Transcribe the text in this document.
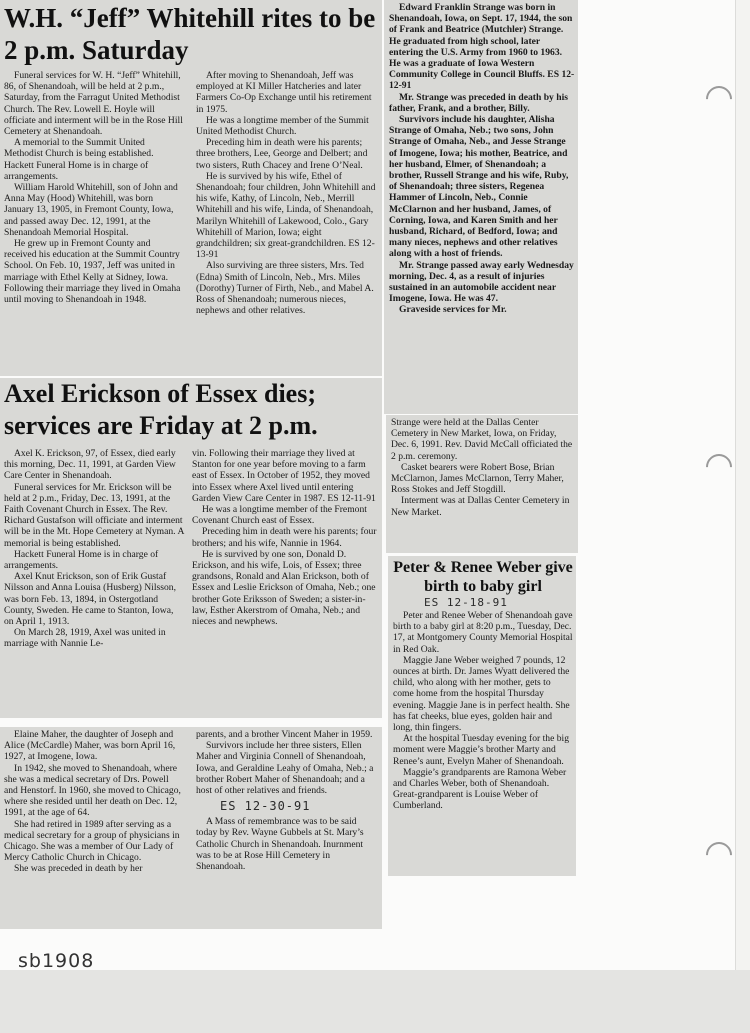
W.H. “Jeff” Whitehill rites to be 2 p.m. Saturday

Funeral services for W. H. “Jeff” Whitehill, 86, of Shenandoah, will be held at 2 p.m., Saturday, from the Farragut United Methodist Church. The Rev. Lowell E. Hoyle will officiate and interment will be in the Rose Hill Cemetery at Shenandoah.

A memorial to the Summit United Methodist Church is being established. Hackett Funeral Home is in charge of arrangements.

William Harold Whitehill, son of John and Anna May (Hood) Whitehill, was born January 13, 1905, in Fremont County, Iowa, and passed away Dec. 12, 1991, at the Shenandoah Memorial Hospital.

He grew up in Fremont County and received his education at the Summit Country School. On Feb. 10, 1937, Jeff was united in marriage with Ethel Kelly at Sidney, Iowa. Following their marriage they lived in Omaha until moving to Shenandoah in 1948.

After moving to Shenandoah, Jeff was employed at KI Miller Hatcheries and later Farmers Co-Op Exchange until his retirement in 1975.

He was a longtime member of the Summit United Methodist Church.

Preceding him in death were his parents; three brothers, Lee, George and Delbert; and two sisters, Ruth Chacey and Irene O’Neal.

He is survived by his wife, Ethel of Shenandoah; four children, John Whitehill and his wife, Kathy, of Lincoln, Neb., Merrill Whitehill and his wife, Linda, of Shenandoah, Marilyn Whitehill of Lakewood, Colo., Gary Whitehill of Marion, Iowa; eight grandchildren; six great-grandchildren. ES 12-13-91

Also surviving are three sisters, Mrs. Ted (Edna) Smith of Lincoln, Neb., Mrs. Miles (Dorothy) Turner of Firth, Neb., and Mabel A. Ross of Shenandoah; numerous nieces, nephews and other relatives.

Axel Erickson of Essex dies; services are Friday at 2 p.m.

Axel K. Erickson, 97, of Essex, died early this morning, Dec. 11, 1991, at Garden View Care Center in Shenandoah.

Funeral services for Mr. Erickson will be held at 2 p.m., Friday, Dec. 13, 1991, at the Faith Covenant Church in Essex. The Rev. Richard Gustafson will officiate and interment will be in the Mt. Hope Cemetery at Nyman. A memorial is being established.

Hackett Funeral Home is in charge of arrangements.

Axel Knut Erickson, son of Erik Gustaf Nilsson and Anna Louisa (Husberg) Nilsson, was born Feb. 13, 1894, in Ostergotland County, Sweden. He came to Stanton, Iowa, on April 1, 1913.

On March 28, 1919, Axel was united in marriage with Nannie Le-

vin. Following their marriage they lived at Stanton for one year before moving to a farm east of Essex. In October of 1952, they moved into Essex where Axel lived until entering Garden View Care Center in 1987. ES 12-11-91

He was a longtime member of the Fremont Covenant Church east of Essex.

Preceding him in death were his parents; four brothers; and his wife, Nannie in 1964.

He is survived by one son, Donald D. Erickson, and his wife, Lois, of Essex; three grandsons, Ronald and Alan Erickson, both of Essex and Leslie Erickson of Omaha, Neb.; one brother Gote Eriksson of Sweden; a sister-in-law, Esther Akerstrom of Omaha, Neb.; and nieces and newphews.

Elaine Maher, the daughter of Joseph and Alice (McCardle) Maher, was born April 16, 1927, at Imogene, Iowa.

In 1942, she moved to Shenandoah, where she was a medical secretary of Drs. Powell and Henstorf. In 1960, she moved to Chicago, where she resided until her death on Dec. 12, 1991, at the age of 64.

She had retired in 1989 after serving as a medical secretary for a group of physicians in Chicago. She was a member of Our Lady of Mercy Catholic Church in Chicago.

She was preceded in death by her

parents, and a brother Vincent Maher in 1959.

Survivors include her three sisters, Ellen Maher and Virginia Connell of Shenandoah, Iowa, and Geraldine Leahy of Omaha, Neb.; a brother Robert Maher of Shenandoah; and a host of other relatives and friends.

ES 12-30-91

A Mass of remembrance was to be said today by Rev. Wayne Gubbels at St. Mary’s Catholic Church in Shenandoah. Inurnment was to be at Rose Hill Cemetery in Shenandoah.

Edward Franklin Strange was born in Shenandoah, Iowa, on Sept. 17, 1944, the son of Frank and Beatrice (Mutchler) Strange. He graduated from high school, later entering the U.S. Army from 1960 to 1963. He was a graduate of Iowa Western Community College in Council Bluffs. ES 12-12-91

Mr. Strange was preceded in death by his father, Frank, and a brother, Billy.

Survivors include his daughter, Alisha Strange of Omaha, Neb.; two sons, John Strange of Omaha, Neb., and Jesse Strange of Imogene, Iowa; his mother, Beatrice, and her husband, Elmer, of Shenandoah; a brother, Russell Strange and his wife, Ruby, of Shenandoah; three sisters, Regenea Hammer of Lincoln, Neb., Connie McClarnon and her husband, James, of Corning, Iowa, and Karen Smith and her husband, Richard, of Bedford, Iowa; and many nieces, nephews and other relatives along with a host of friends.

Mr. Strange passed away early Wednesday morning, Dec. 4, as a result of injuries sustained in an automobile accident near Imogene, Iowa. He was 47.

Graveside services for Mr.

Strange were held at the Dallas Center Cemetery in New Market, Iowa, on Friday, Dec. 6, 1991. Rev. David McCall officiated the 2 p.m. ceremony.

Casket bearers were Robert Bose, Brian McClarnon, James McClarnon, Terry Maher, Ross Stokes and Jeff Stogdill.

Interment was at Dallas Center Cemetery in New Market.

Peter & Renee Weber give birth to baby girl
ES 12-18-91

Peter and Renee Weber of Shenandoah gave birth to a baby girl at 8:20 p.m., Tuesday, Dec. 17, at Montgomery County Memorial Hospital in Red Oak.

Maggie Jane Weber weighed 7 pounds, 12 ounces at birth. Dr. James Wyatt delivered the child, who along with her mother, gets to come home from the hospital Thursday evening. Maggie Jane is in perfect health. She has fat cheeks, blue eyes, golden hair and long, thin fingers.

At the hospital Tuesday evening for the big moment were Maggie’s brother Marty and Renee’s aunt, Evelyn Maher of Shenandoah.

Maggie’s grandparents are Ramona Weber and Charles Weber, both of Shenandoah. Great-grandparent is Louise Weber of Cumberland.

sb1908
